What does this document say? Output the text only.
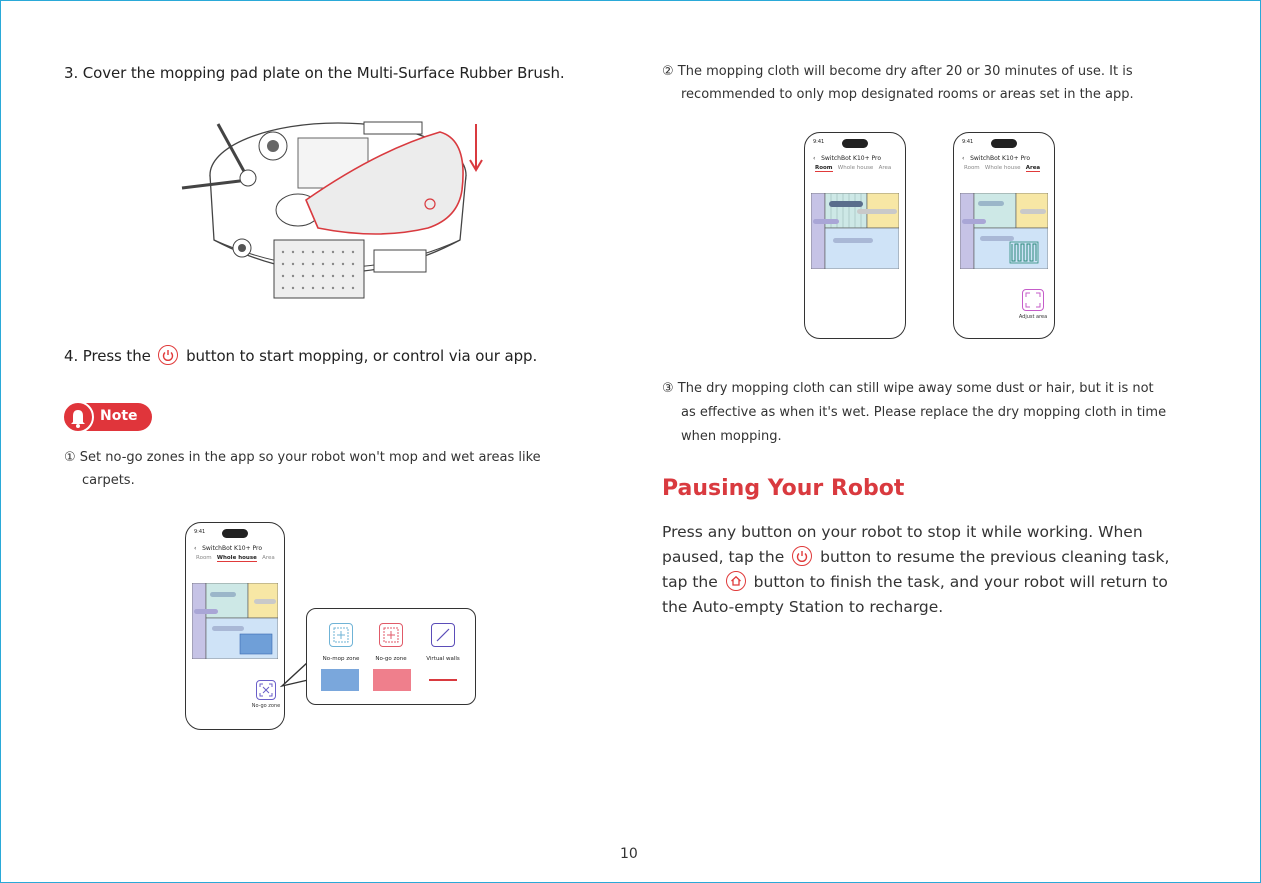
3. Cover the mopping pad plate on the Multi-Surface Rubber Brush.
4. Press the button to start mopping, or control via our app.
Note
① Set no-go zones in the app so your robot won't mop and wet areas like
carpets.
9:41
‹   SwitchBot K10+ Pro
Room Whole house Area
No-go zone
No-mop zone	No-go zone	Virtual walls
② The mopping cloth will become dry after 20 or 30 minutes of use. It is
recommended to only mop designated rooms or areas set in the app.
9:41
‹   SwitchBot K10+ Pro
Room Whole house Area
9:41
‹   SwitchBot K10+ Pro
Room Whole house Area
Adjust area
③ The dry mopping cloth can still wipe away some dust or hair, but it is not
as effective as when it's wet. Please replace the dry mopping cloth in time
when mopping.
Pausing Your Robot
Press any button on your robot to stop it while working. When
paused, tap the button to resume the previous cleaning task,
tap the button to finish the task, and your robot will return to
the Auto-empty Station to recharge.
10
